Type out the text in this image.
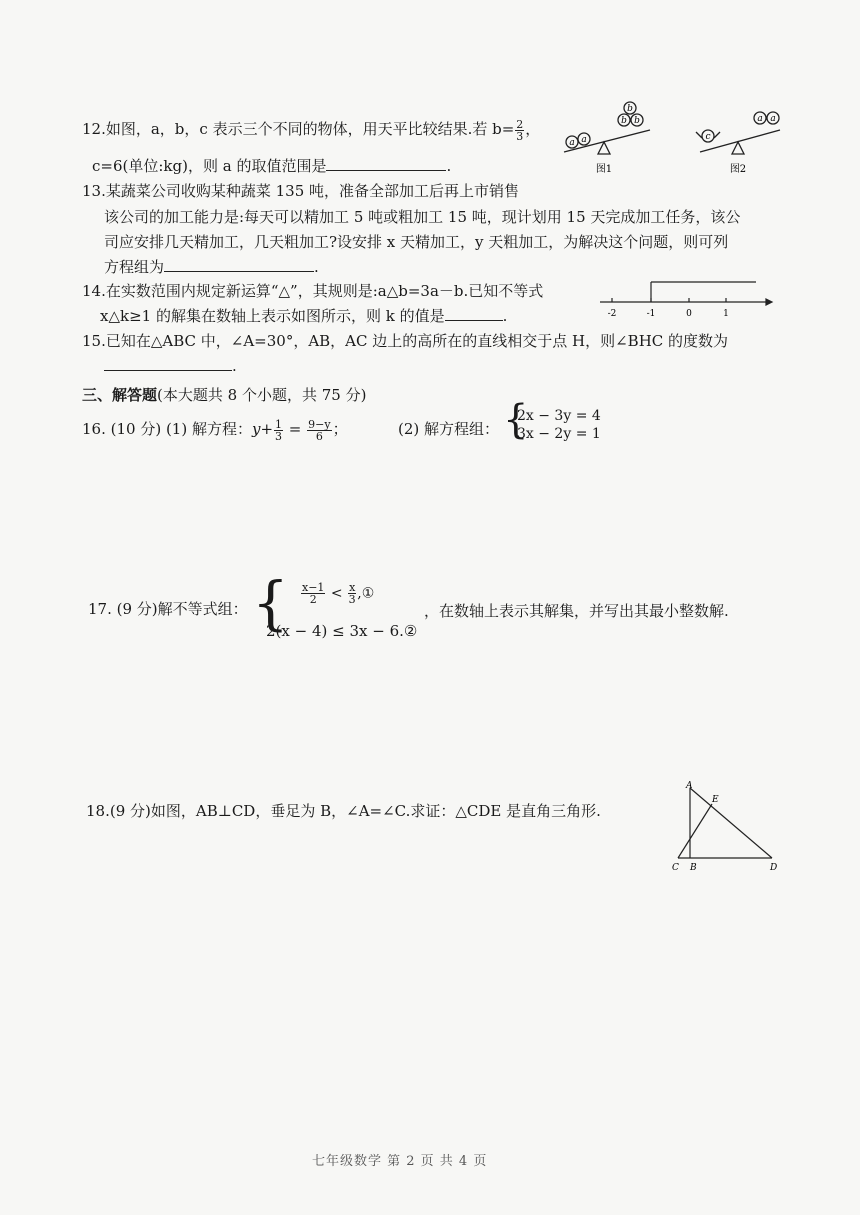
12.如图，a，b，c 表示三个不同的物体，用天平比较结果.若 $b= \frac{2}{3}$ ，
c=6(单位:kg)，则 a 的取值范围是	.
a a
b b
b
图1
c
a a
图2
13.某蔬菜公司收购某种蔬菜 135 吨，准备全部加工后再上市销售
该公司的加工能力是:每天可以精加工 5 吨或粗加工 15 吨，现计划用 15 天完成加工任务，该公
司应安排几天精加工，几天粗加工?设安排 x 天精加工，y 天粗加工，为解决这个问题，则可列
方程组为	.
14.在实数范围内规定新运算“△”，其规则是:a△b=3a－b.已知不等式
x△k≥1 的解集在数轴上表示如图所示，则 k 的值是	.	-2	-1	0	1
15.已知在△ABC 中，∠A=30°，AB，AC 边上的高所在的直线相交于点 H，则∠BHC 的度数为
.
三、解答题(本大题共 8 个小题，共 75 分)
16. (10 分) (1) 解方程：$y+ \frac{1}{3} = \frac{9-y}{6}$ ；	(2) 解方程组： {
2x − 3y = 4
3x − 2y = 1
17. (9 分)解不等式组： { $\frac{x-1}{2} < \frac{x}{3}$ ,①
2(x − 4) ≤ 3x − 6.②
，在数轴上表示其解集，并写出其最小整数解.
18.(9 分)如图，AB⊥CD，垂足为 B，∠A=∠C.求证：△CDE 是直角三角形.
A
E
C B	D
七年级数学 第 2 页 共 4 页
